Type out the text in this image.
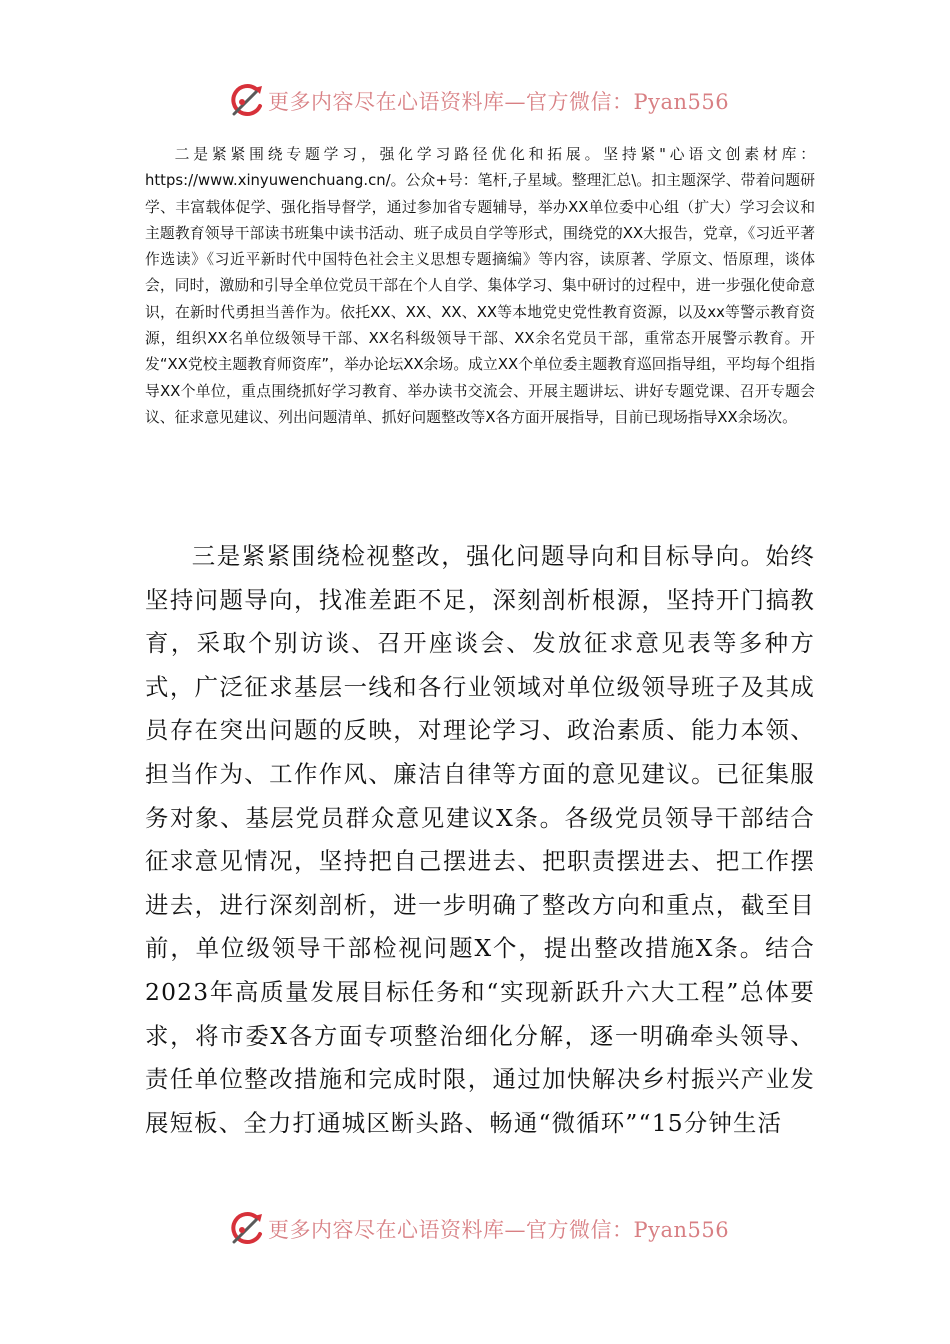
更多内容尽在心语资料库—官方微信：Pyan556
二是紧紧围绕专题学习，强化学习路径优化和拓展。坚持紧"心语文创素材库：https://www.xinyuwenchuang.cn/。公众+号：笔杆,子星域。整理汇总\。扣主题深学、带着问题研学、丰富载体促学、强化指导督学，通过参加省专题辅导，举办XX单位委中心组（扩大）学习会议和主题教育领导干部读书班集中读书活动、班子成员自学等形式，围绕党的XX大报告，党章，《习近平著作选读》《习近平新时代中国特色社会主义思想专题摘编》等内容，读原著、学原文、悟原理，谈体会，同时，激励和引导全单位党员干部在个人自学、集体学习、集中研讨的过程中，进一步强化使命意识，在新时代勇担当善作为。依托XX、XX、XX、XX等本地党史党性教育资源，以及xx等警示教育资源，组织XX名单位级领导干部、XX名科级领导干部、XX余名党员干部，重常态开展警示教育。开发“XX党校主题教育师资库”，举办论坛XX余场。成立XX个单位委主题教育巡回指导组，平均每个组指导XX个单位，重点围绕抓好学习教育、举办读书交流会、开展主题讲坛、讲好专题党课、召开专题会议、征求意见建议、列出问题清单、抓好问题整改等X各方面开展指导，目前已现场指导XX余场次。
三是紧紧围绕检视整改，强化问题导向和目标导向。始终坚持问题导向，找准差距不足，深刻剖析根源，坚持开门搞教育，采取个别访谈、召开座谈会、发放征求意见表等多种方式，广泛征求基层一线和各行业领域对单位级领导班子及其成员存在突出问题的反映，对理论学习、政治素质、能力本领、担当作为、工作作风、廉洁自律等方面的意见建议。已征集服务对象、基层党员群众意见建议X条。各级党员领导干部结合征求意见情况，坚持把自己摆进去、把职责摆进去、把工作摆进去，进行深刻剖析，进一步明确了整改方向和重点，截至目前，单位级领导干部检视问题X个，提出整改措施X条。结合2023年高质量发展目标任务和“实现新跃升六大工程”总体要求，将市委X各方面专项整治细化分解，逐一明确牵头领导、责任单位整改措施和完成时限，通过加快解决乡村振兴产业发展短板、全力打通城区断头路、畅通“微循环”“15分钟生活
更多内容尽在心语资料库—官方微信：Pyan556
